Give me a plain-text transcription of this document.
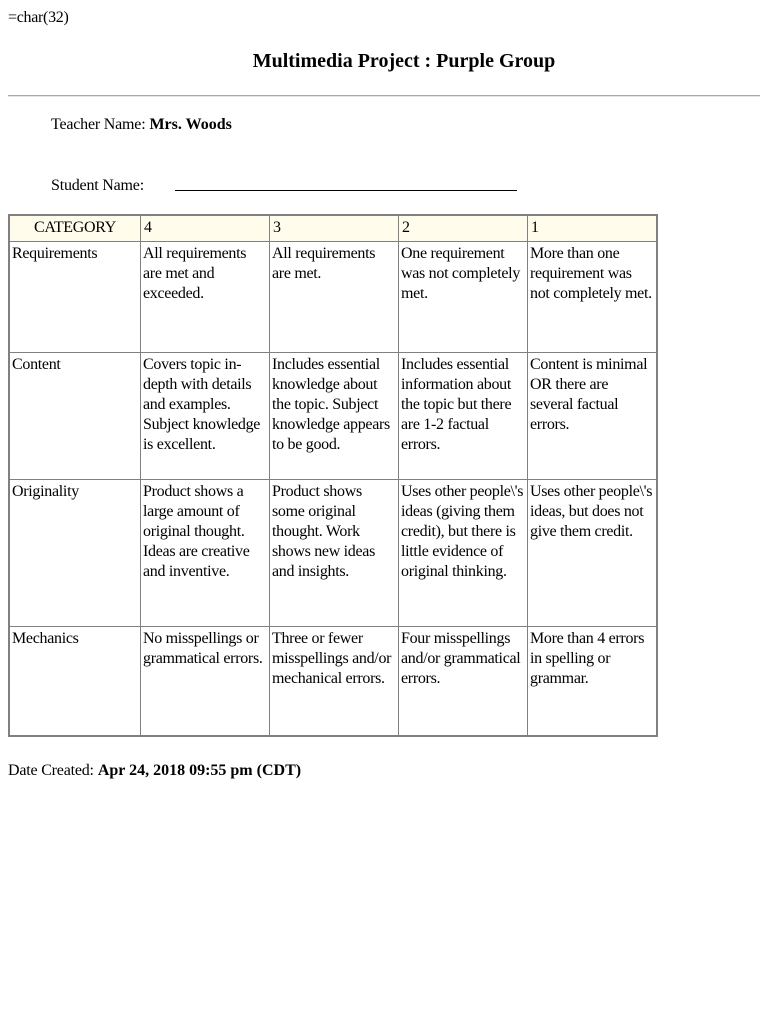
=char(32)
Multimedia Project : Purple Group
Teacher Name: Mrs. Woods
Student Name:
CATEGORY	4	3	2	1
Requirements	All requirements are met and exceeded.	All requirements are met.	One requirement was not completely met.	More than one requirement was not completely met.
Content	Covers topic in-depth with details and examples. Subject knowledge is excellent.	Includes essential knowledge about the topic. Subject knowledge appears to be good.	Includes essential information about the topic but there are 1-2 factual errors.	Content is minimal OR there are several factual errors.
Originality	Product shows a large amount of original thought. Ideas are creative and inventive.	Product shows some original thought. Work shows new ideas and insights.	Uses other people\'s ideas (giving them credit), but there is little evidence of original thinking.	Uses other people\'s ideas, but does not give them credit.
Mechanics	No misspellings or grammatical errors.	Three or fewer misspellings and/or mechanical errors.	Four misspellings and/or grammatical errors.	More than 4 errors in spelling or grammar.
Date Created: Apr 24, 2018 09:55 pm (CDT)
